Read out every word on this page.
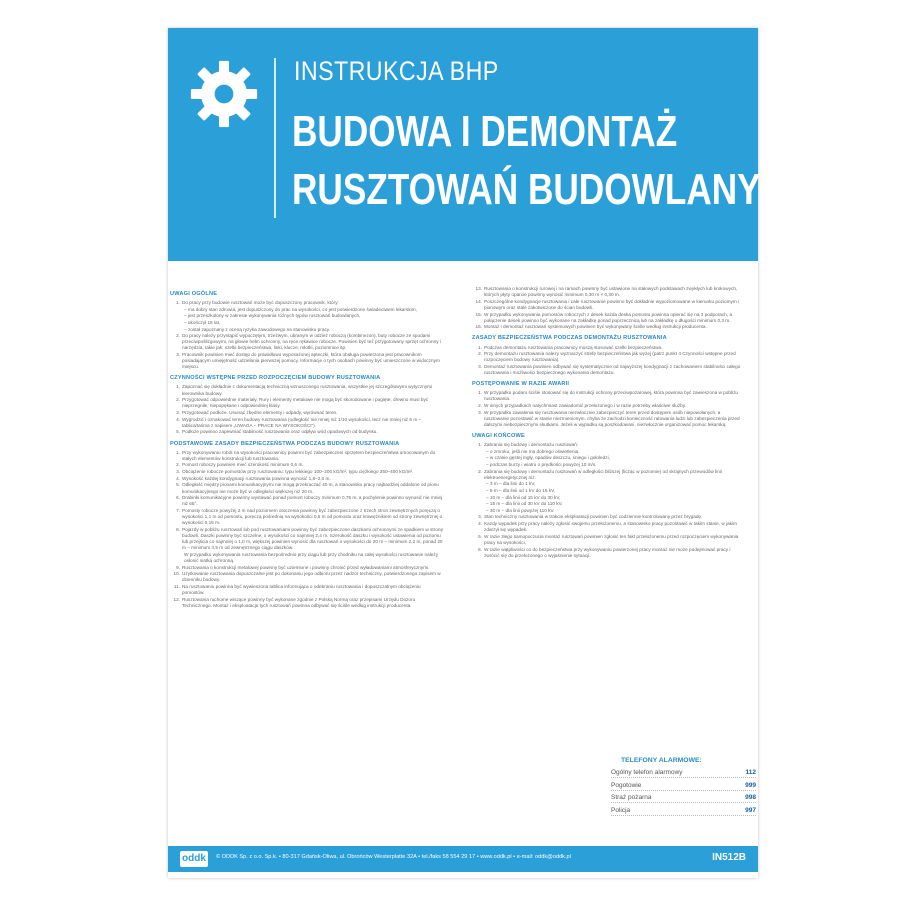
INSTRUKCJA BHP
BUDOWA I DEMONTAŻ
RUSZTOWAŃ BUDOWLANYCH
UWAGI OGÓLNE
1. Do pracy przy budowie rusztowań może być dopuszczony pracownik, który:
– ma dobry stan zdrowia, jest dopuszczony do prac na wysokości, co jest potwierdzone świadectwem lekarskim,
– jest przeszkolony w zakresie wykonywania różnych typów rusztowań budowlanych,
– ukończył 18 lat,
– został zapoznany z oceną ryzyka zawodowego na stanowisku pracy.
2. Do pracy należy przystąpić wypoczętym, trzeźwym, ubranym w odzież roboczą (kombinezon), buty robocze ze spodami przeciwpoślizgowymi, na głowie hełm ochronny, na ręce rękawice robocze. Powinien być też przygotowany sprzęt ochronny i narzędzia, takie jak: szelki bezpieczeństwa, linki, klucze, młotki, poziomnice itp.
3. Pracownik powinien mieć dostęp do prawidłowo wyposażonej apteczki, która obsługa powierzona jest pracownikom posiadającym umiejętność udzielania pierwszej pomocy. Informacje o tych osobach powinny być umieszczone w widocznym miejscu.
CZYNNOŚCI WSTĘPNE PRZED ROZPOCZĘCIEM BUDOWY RUSZTOWANIA
1. Zapoznać się dokładnie z dokumentacją techniczną wznoszonego rusztowania, wszystkie jej szczegółowymi wytycznymi kierownika budowy.
2. Przygotować odpowiednie materiały. Rury i elementy metalowe nie mogą być skorodowane i pogięte, drewno musi być nieprzegniłe, niepopękane i odpowiedniej klasy.
3. Przygotować podłoże. Usunąć zbędne elementy i odpady, wyrównać teren.
4. Wygrodzić i oznakować teren budowy rusztowania (odległość nie mniej niż 1/10 wysokości, lecz nie mniej niż 6 m – tablica/taśma z napisem „UWAGA – PRACE NA WYSOKOŚCI”).
5. Podłoże powinno zapewniać stabilność rusztowania oraz odpływ wód opadowych od budynku.
PODSTAWOWE ZASADY BEZPIECZEŃSTWA PODCZAS BUDOWY RUSZTOWANIA
1. Przy wykonywaniu robót na wysokości pracownicy powinni być zabezpieczeni sprzętem bezpieczeństwa umocowanym do stałych elementów konstrukcji lub rusztowania.
2. Pomost roboczy powinien mieć szerokość minimum 0,6 m.
3. Obciążenie robocze pomostów przy rusztowaniu: typu lekkiego 100–200 kG/m², typu ciężkiego 250–400 kG/m².
4. Wysokość każdej kondygnacji rusztowania powinna wynosić 1,8–2,0 m.
5. Odległość między pionami komunikacyjnymi nie mogą przekraczać 40 m, a stanowisko pracy najbardziej oddalone od pionu komunikacyjnego nie może być w odległości większej niż 20 m.
6. Drabinki komunikacyjne powinny wystawać ponad pomost roboczy minimum 0,75 m, a pochylenie powinno wynosić nie mniej niż 65°.
7. Pomosty robocze powyżej 2 m nad poziomem otoczenia powinny być zabezpieczone z trzech stron zewnętrznych poręczą o wysokości 1,1 m od pomostu, poręczą pośrednią na wysokości 0,6 m od pomostu oraz krawężnikiem od strony zewnętrznej o wysokości 0,15 m.
8. Pojazdy w pobliżu rusztowań lub pod rusztowaniami powinny być zabezpieczone daszkami ochronnymi ze spadkiem w stronę budowli. Daszki powinny być szczelne, o wysokości co najmniej 2,4 m. Szerokość daszku i wysokość ustawienia od poziomu lub przejścia co najmniej o 1,0 m, większej powinien wynosić dla rusztowań o wysokości do 20 m – minimum 2,2 m, ponad 20 m – minimum 3,5 m od zewnętrznego ciągu daszków.
W przypadku wykonywania rusztowania bezpośrednio przy ciągu lub przy chodniku na całej wysokości rusztowanie należy osłonić siatką ochronną.
9. Rusztowania o konstrukcji metalowej powinny być uziemione i powinny chronić przed wyładowaniami atmosferycznymi.
10. Użytkowanie rusztowania dopuszczalne jest po dokonaniu jego odbioru przez nadzór techniczny, potwierdzonego zapisem w dzienniku budowy.
11. Na rusztowaniu powinna być wywieszona tablica informująca o odebraniu rusztowania i dopuszczalnym obciążeniu pomostów.
12. Rusztowania ruchome wiszące powinny być wykonane zgodnie z Polską Normą oraz przepisami Urzędu Dozoru Technicznego. Montaż i eksploatacja tych rusztowań powinna odbywać się ściśle według instrukcji producenta.
13. Rusztowania o konstrukcji rurowej i na ramach powinny być ustawione na stałowych podstawach zwykłych lub krokowych, których płyty oparcie powinny wynosić minimum 0,30 m × 0,30 m.
14. Poszczególne kondygnacje rusztowania i całe rusztowanie powinno być dokładnie wypoziomowane w kierunku poziomym i pionowym oraz stale zakotwiczone do ścian budowli.
15. W przypadku wykonywania pomostów roboczych z desek każda deska pomostu powinna opierać się na 3 podporach, a połączenie desek powinno być wykonane na zakładkę ponad poprzecznicą lub na zakładkę o długości minimum 0,3 m.
16. Montaż i demontaż rusztowań systemowych powinien być wykonywany ściśle według instrukcji producenta.
ZASADY BEZPIECZEŃSTWA PODCZAS DEMONTAŻU RUSZTOWANIA
1. Podczas demontażu rusztowania pracownicy muszą stosować szelki bezpieczeństwa.
2. Przy demontażu rusztowania należy wyznaczyć strefę bezpieczeństwa jak wyżej (patrz punkt 4 Czynności wstępne przed rozpoczęciem budowy rusztowania).
3. Demontaż rusztowania powinien odbywać się systematycznie od najwyższej kondygnacji z zachowaniem stabilności całego rusztowania i możliwości bezpiecznego wykonania demontażu.
POSTĘPOWANIE W RAZIE AWARII
1. W przypadku podaru ściśle stosować się do instrukcji ochrony przeciwpożarowej, która powinna być zawieszona w pobliżu rusztowania.
2. W innych przypadkach natychmiast zawiadomić przełożonego i w razie potrzeby właściwe służby.
3. W przypadku zawalenia się rusztowania niezwłocznie zabezpieczyć teren przed dostępem osób niepowołanych, a rusztowanie pozostawić w stanie niezmienionym, chyba że zachodzi konieczność ratowania ludzi lub zabezpieczenia przed dalszymi niebezpiecznymi skutkami. Jeżeli w wypadku są poszkodowani, niezwłocznie organizować pomoc lekarską.
UWAGI KOŃCOWE
1. Zabrania się budowy i demontażu rusztowań:
– o zmroku, jeśli nie ma dobrego oświetlenia,
– w czasie gęstej mgły, opadów deszczu, śniegu i gołoledzi,
– podczas burzy i wiatru o prędkości powyżej 10 m/s.
2. Zabrania się budowy i demontażu rusztowań w odległości bliższej (licząc w poziomie) od skrajnych przewodów linii elektroenergetycznej niż:
– 3 m – dla linii do 1 kV,
– 5 m – dla linii od 1 kV do 15 kV,
– 10 m – dla linii od 15 kV do 30 kV,
– 15 m – dla linii od 30 kV do 110 kV,
– 30 m – dla linii powyżej 110 kV.
3. Stan techniczny rusztowania w trakcie eksploatacji powinien być codziennie kontrolowany przez brygadę.
4. Każdy wypadek przy pracy należy zgłosić swojemu przełożonemu, a stanowisko pracy pozostawić w takim stanie, w jakim zdarzył się wypadek.
5. W razie złego samopoczucia montaż rusztowań powinien zgłosić ten fakt przełożonemu przed rozpoczęciem wykonywania pracy na wysokości.
6. W razie wątpliwości co do bezpieczeństwa przy wykonywaniu powierzonej pracy montaż nie może podejmować pracy i zwrócić się do przełożonego o wyjaśnienie sytuacji.
TELEFONY ALARMOWE:
Ogólny telefon alarmowy	112
Pogotowie	999
Straż pożarna	998
Policja	997
oddk	© ODDK Sp. z o.o. Sp.k. • 80-317 Gdańsk-Oliwa, ul. Obrońców Westerplatte 32A • tel./faks 58 554 29 17 • www.oddk.pl • e-mail: oddk@oddk.pl	IN512B
